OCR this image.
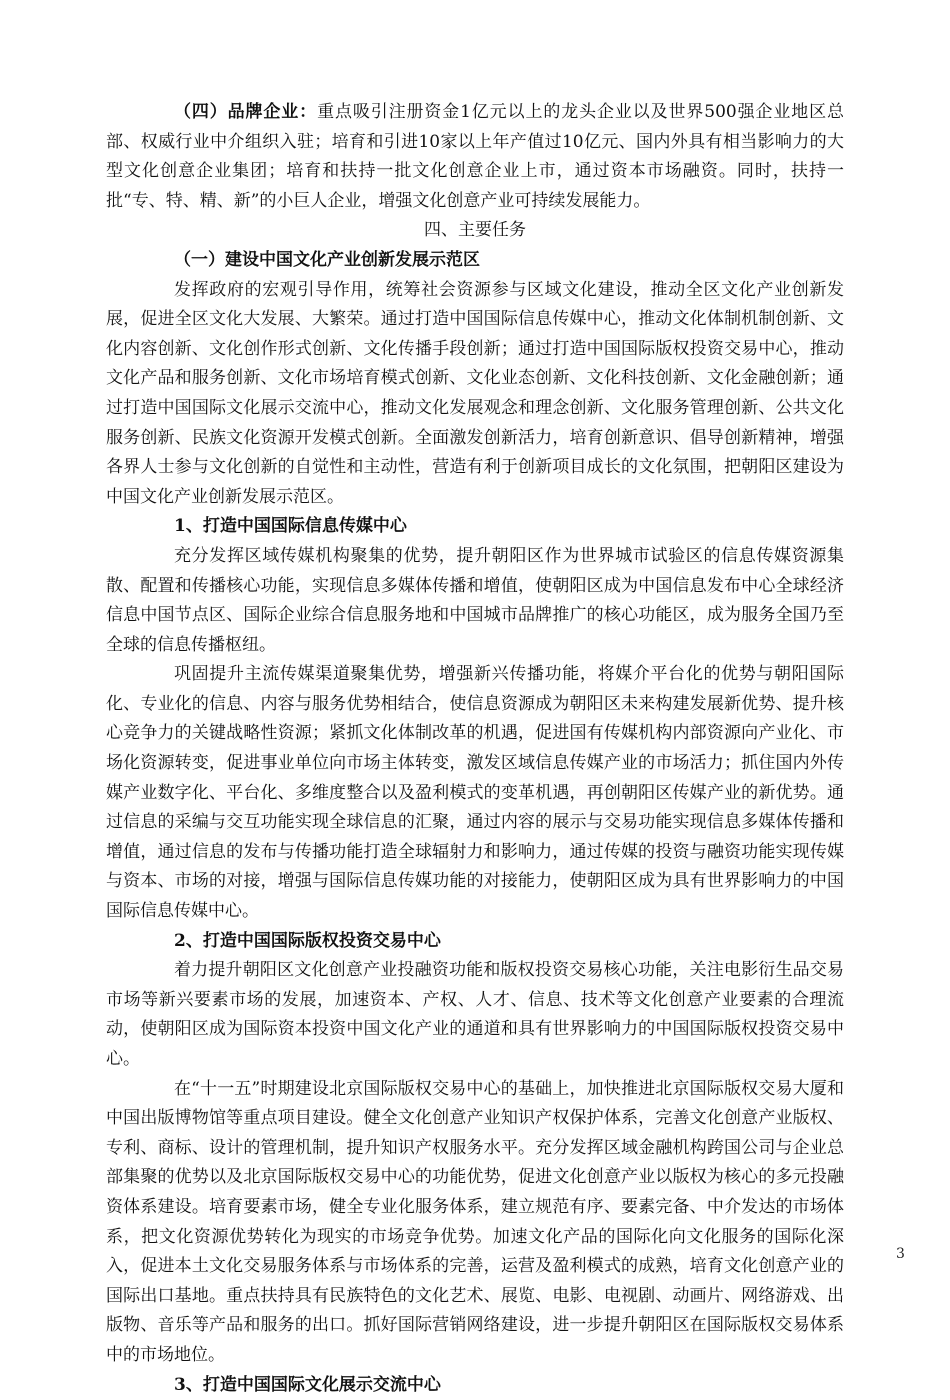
（四）品牌企业：重点吸引注册资金1亿元以上的龙头企业以及世界500强企业地区总部、权威行业中介组织入驻；培育和引进10家以上年产值过10亿元、国内外具有相当影响力的大型文化创意企业集团；培育和扶持一批文化创意企业上市，通过资本市场融资。同时，扶持一批“专、特、精、新”的小巨人企业，增强文化创意产业可持续发展能力。

四、主要任务

（一）建设中国文化产业创新发展示范区

发挥政府的宏观引导作用，统筹社会资源参与区域文化建设，推动全区文化产业创新发展，促进全区文化大发展、大繁荣。通过打造中国国际信息传媒中心，推动文化体制机制创新、文化内容创新、文化创作形式创新、文化传播手段创新；通过打造中国国际版权投资交易中心，推动文化产品和服务创新、文化市场培育模式创新、文化业态创新、文化科技创新、文化金融创新；通过打造中国国际文化展示交流中心，推动文化发展观念和理念创新、文化服务管理创新、公共文化服务创新、民族文化资源开发模式创新。全面激发创新活力，培育创新意识、倡导创新精神，增强各界人士参与文化创新的自觉性和主动性，营造有利于创新项目成长的文化氛围，把朝阳区建设为中国文化产业创新发展示范区。

1、打造中国国际信息传媒中心

充分发挥区域传媒机构聚集的优势，提升朝阳区作为世界城市试验区的信息传媒资源集散、配置和传播核心功能，实现信息多媒体传播和增值，使朝阳区成为中国信息发布中心全球经济信息中国节点区、国际企业综合信息服务地和中国城市品牌推广的核心功能区，成为服务全国乃至全球的信息传播枢纽。

巩固提升主流传媒渠道聚集优势，增强新兴传播功能，将媒介平台化的优势与朝阳国际化、专业化的信息、内容与服务优势相结合，使信息资源成为朝阳区未来构建发展新优势、提升核心竞争力的关键战略性资源；紧抓文化体制改革的机遇，促进国有传媒机构内部资源向产业化、市场化资源转变，促进事业单位向市场主体转变，激发区域信息传媒产业的市场活力；抓住国内外传媒产业数字化、平台化、多维度整合以及盈利模式的变革机遇，再创朝阳区传媒产业的新优势。通过信息的采编与交互功能实现全球信息的汇聚，通过内容的展示与交易功能实现信息多媒体传播和增值，通过信息的发布与传播功能打造全球辐射力和影响力，通过传媒的投资与融资功能实现传媒与资本、市场的对接，增强与国际信息传媒功能的对接能力，使朝阳区成为具有世界影响力的中国国际信息传媒中心。

2、打造中国国际版权投资交易中心

着力提升朝阳区文化创意产业投融资功能和版权投资交易核心功能，关注电影衍生品交易市场等新兴要素市场的发展，加速资本、产权、人才、信息、技术等文化创意产业要素的合理流动，使朝阳区成为国际资本投资中国文化产业的通道和具有世界影响力的中国国际版权投资交易中心。

在“十一五”时期建设北京国际版权交易中心的基础上，加快推进北京国际版权交易大厦和中国出版博物馆等重点项目建设。健全文化创意产业知识产权保护体系，完善文化创意产业版权、专利、商标、设计的管理机制，提升知识产权服务水平。充分发挥区域金融机构跨国公司与企业总部集聚的优势以及北京国际版权交易中心的功能优势，促进文化创意产业以版权为核心的多元投融资体系建设。培育要素市场，健全专业化服务体系，建立规范有序、要素完备、中介发达的市场体系，把文化资源优势转化为现实的市场竞争优势。加速文化产品的国际化向文化服务的国际化深入，促进本土文化交易服务体系与市场体系的完善，运营及盈利模式的成熟，培育文化创意产业的国际出口基地。重点扶持具有民族特色的文化艺术、展览、电影、电视剧、动画片、网络游戏、出版物、音乐等产品和服务的出口。抓好国际营销网络建设，进一步提升朝阳区在国际版权交易体系中的市场地位。

3、打造中国国际文化展示交流中心

3
